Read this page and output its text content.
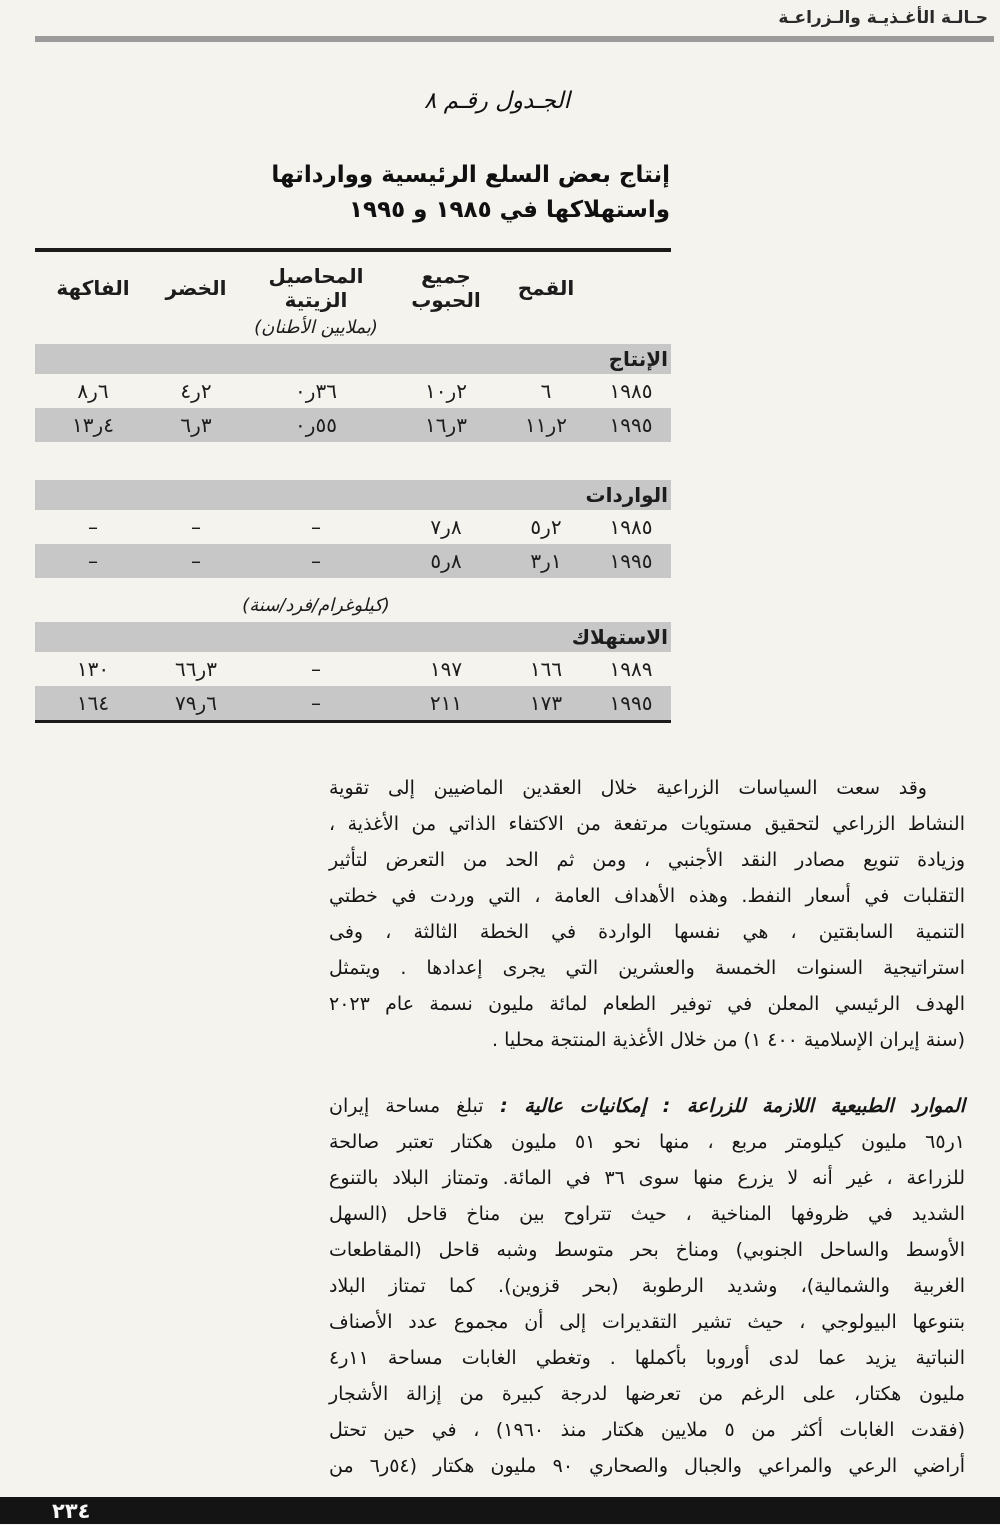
حـالـة الأغـذيـة والـزراعـة
الجـدول رقـم ٨
إنتاج بعض السلع الرئيسية ووارداتها
واستهلاكها في ١٩٨٥ و ١٩٩٥
القمح
جميع الحبوب
المحاصيل الزيتية
الخضر
الفاكهة
(بملايين الأطنان)
الإنتاج
١٩٨٥
٦
٢ر١٠
٣٦ر٠
٢ر٤
٦ر٨
١٩٩٥
٢ر١١
٣ر١٦
٥٥ر٠
٣ر٦
٤ر١٣
الواردات
١٩٨٥
٢ر٥
٨ر٧
–
–
–
١٩٩٥
١ر٣
٨ر٥
–
–
–
(كيلوغرام/فرد/سنة)
الاستهلاك
١٩٨٩
١٦٦
١٩٧
–
٣ر٦٦
١٣٠
١٩٩٥
١٧٣
٢١١
–
٦ر٧٩
١٦٤
وقد سعت السياسات الزراعية خلال العقدين الماضيين إلى تقوية
النشاط الزراعي لتحقيق مستويات مرتفعة من الاكتفاء الذاتي من الأغذية ،
وزيادة تنويع مصادر النقد الأجنبي ، ومن ثم الحد من التعرض لتأثير
التقلبات في أسعار النفط. وهذه الأهداف العامة ، التي وردت في خطتي
التنمية السابقتين ، هي نفسها الواردة في الخطة الثالثة ، وفى
استراتيجية السنوات الخمسة والعشرين التي يجرى إعدادها . ويتمثل
الهدف الرئيسي المعلن في توفير الطعام لمائة مليون نسمة عام ٢٠٢٣
(سنة إيران الإسلامية ٤٠٠ ١) من خلال الأغذية المنتجة محليا .
الموارد الطبيعية اللازمة للزراعة : إمكانيات عالية : تبلغ مساحة إيران
١ر٦٥ مليون كيلومتر مربع ، منها نحو ٥١ مليون هكتار تعتبر صالحة
للزراعة ، غير أنه لا يزرع منها سوى ٣٦ في المائة. وتمتاز البلاد بالتنوع
الشديد في ظروفها المناخية ، حيث تتراوح بين مناخ قاحل (السهل
الأوسط والساحل الجنوبي) ومناخ بحر متوسط وشبه قاحل (المقاطعات
الغربية والشمالية)، وشديد الرطوبة (بحر قزوين). كما تمتاز البلاد
بتنوعها البيولوجي ، حيث تشير التقديرات إلى أن مجموع عدد الأصناف
النباتية يزيد عما لدى أوروبا بأكملها . وتغطي الغابات مساحة ١١ر٤
مليون هكتار، على الرغم من تعرضها لدرجة كبيرة من إزالة الأشجار
(فقدت الغابات أكثر من ٥ ملايين هكتار منذ ١٩٦٠) ، في حين تحتل
أراضي الرعي والمراعي والجبال والصحاري ٩٠ مليون هكتار (٥٤ر٦ من
٢٣٤
